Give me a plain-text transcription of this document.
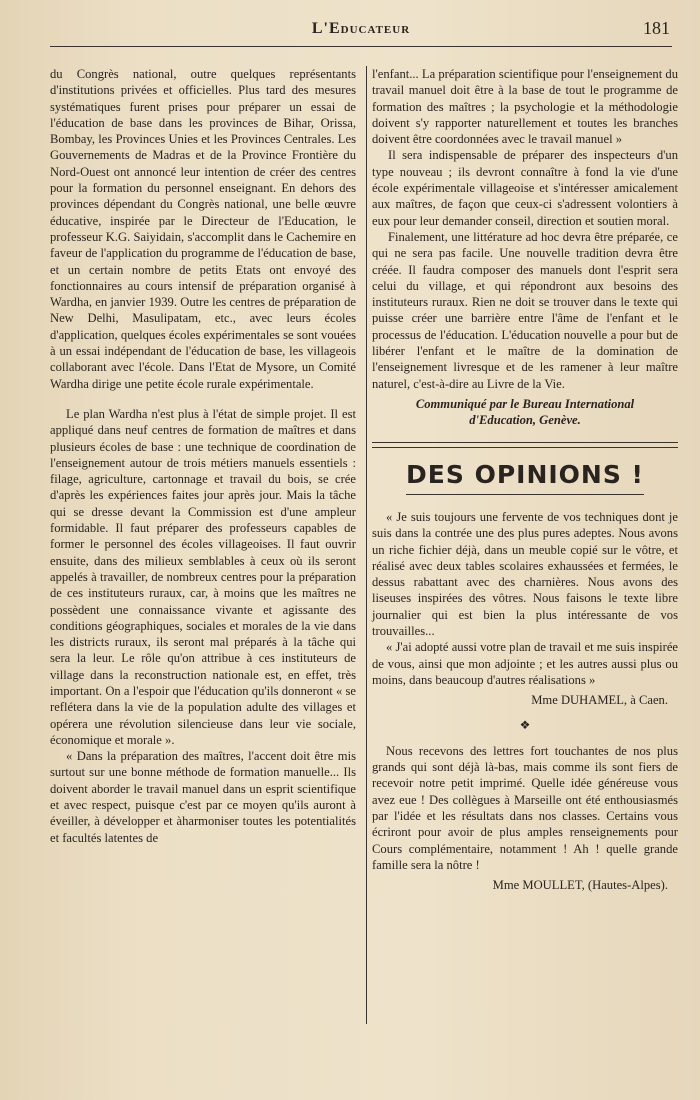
L'Educateur	181

du Congrès national, outre quelques représentants d'institutions privées et officielles. Plus tard des mesures systématiques furent prises pour préparer un essai de l'éducation de base dans les provinces de Bihar, Orissa, Bombay, les Provinces Unies et les Provinces Centrales. Les Gouvernements de Madras et de la Province Frontière du Nord-Ouest ont annoncé leur intention de créer des centres pour la formation du personnel enseignant. En dehors des provinces dépendant du Congrès national, une belle œuvre éducative, inspirée par le Directeur de l'Education, le professeur K.G. Saiyidain, s'accomplit dans le Cachemire en faveur de l'application du programme de l'éducation de base, et un certain nombre de petits Etats ont envoyé des fonctionnaires au cours intensif de préparation organisé à Wardha, en janvier 1939. Outre les centres de préparation de New Delhi, Masulipatam, etc., avec leurs écoles d'application, quelques écoles expérimentales se sont vouées à un essai indépendant de l'éducation de base, les villageois collaborant avec l'école. Dans l'Etat de Mysore, un Comité Wardha dirige une petite école rurale expérimentale.

Le plan Wardha n'est plus à l'état de simple projet. Il est appliqué dans neuf centres de formation de maîtres et dans plusieurs écoles de base : une technique de coordination de l'enseignement autour de trois métiers manuels essentiels : filage, agriculture, cartonnage et travail du bois, se crée d'après les expériences faites jour après jour. Mais la tâche qui se dresse devant la Commission est d'une ampleur formidable. Il faut préparer des professeurs capables de former le personnel des écoles villageoises. Il faut ouvrir ensuite, dans des milieux semblables à ceux où ils seront appelés à travailler, de nombreux centres pour la préparation de ces instituteurs ruraux, car, à moins que les maîtres ne possèdent une connaissance vivante et agissante des conditions géographiques, sociales et morales de la vie dans les districts ruraux, ils seront mal préparés à la tâche qui sera la leur. Le rôle qu'on attribue à ces instituteurs de village dans la reconstruction nationale est, en effet, très important. On a l'espoir que l'éducation qu'ils donneront « se reflétera dans la vie de la population adulte des villages et opérera une révolution silencieuse dans leur vie sociale, économique et morale ».

« Dans la préparation des maîtres, l'accent doit être mis surtout sur une bonne méthode de formation manuelle... Ils doivent aborder le travail manuel dans un esprit scientifique et avec respect, puisque c'est par ce moyen qu'ils auront à éveiller, à développer et àharmoniser toutes les potentialités et facultés latentes de

l'enfant... La préparation scientifique pour l'enseignement du travail manuel doit être à la base de tout le programme de formation des maîtres ; la psychologie et la méthodologie doivent s'y rapporter naturellement et toutes les branches doivent être coordonnées avec le travail manuel »

Il sera indispensable de préparer des inspecteurs d'un type nouveau ; ils devront connaître à fond la vie d'une école expérimentale villageoise et s'intéresser amicalement aux maîtres, de façon que ceux-ci s'adressent volontiers à eux pour leur demander conseil, direction et soutien moral.

Finalement, une littérature ad hoc devra être préparée, ce qui ne sera pas facile. Une nouvelle tradition devra être créée. Il faudra composer des manuels dont l'esprit sera celui du village, et qui répondront aux besoins des instituteurs ruraux. Rien ne doit se trouver dans le texte qui puisse créer une barrière entre l'âme de l'enfant et le processus de l'éducation. L'éducation nouvelle a pour but de libérer l'enfant et le maître de la domination de l'enseignement livresque et de les ramener à leur maître naturel, c'est-à-dire au Livre de la Vie.

Communiqué par le Bureau International
d'Education, Genève.

DES OPINIONS !

« Je suis toujours une fervente de vos techniques dont je suis dans la contrée une des plus pures adeptes. Nous avons un riche fichier déjà, dans un meuble copié sur le vôtre, et réalisé avec deux tables scolaires exhaussées et fermées, le dessus rabattant avec des charnières. Nous avons des liseuses inspirées des vôtres. Nous faisons le texte libre journalier qui est bien la plus intéressante de vos trouvailles...

« J'ai adopté aussi votre plan de travail et me suis inspirée de vous, ainsi que mon adjointe ; et les autres aussi plus ou moins, dans beaucoup d'autres réalisations »

Mme DUHAMEL, à Caen.

❖

Nous recevons des lettres fort touchantes de nos plus grands qui sont déjà là-bas, mais comme ils sont fiers de recevoir notre petit imprimé. Quelle idée généreuse vous avez eue ! Des collègues à Marseille ont été enthousiasmés par l'idée et les résultats dans nos classes. Certains vous écriront pour avoir de plus amples renseignements pour Cours complémentaire, notamment ! Ah ! quelle grande famille sera la nôtre !

Mme MOULLET, (Hautes-Alpes).
